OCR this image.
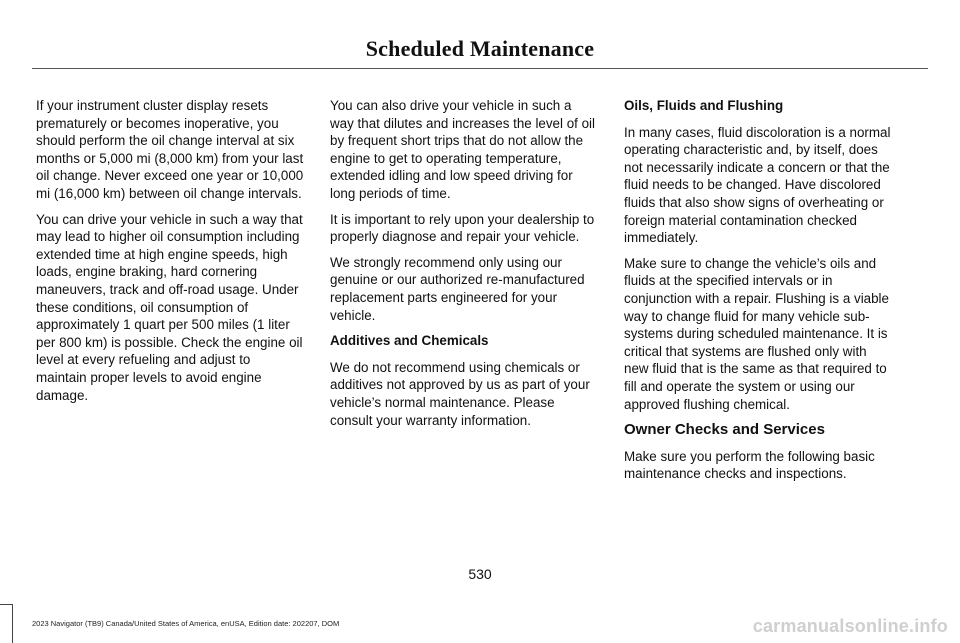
Scheduled Maintenance

If your instrument cluster display resets prematurely or becomes inoperative, you should perform the oil change interval at six months or 5,000 mi (8,000 km) from your last oil change. Never exceed one year or 10,000 mi (16,000 km) between oil change intervals.

You can drive your vehicle in such a way that may lead to higher oil consumption including extended time at high engine speeds, high loads, engine braking, hard cornering maneuvers, track and off-road usage. Under these conditions, oil consumption of approximately 1 quart per 500 miles (1 liter per 800 km) is possible. Check the engine oil level at every refueling and adjust to maintain proper levels to avoid engine damage.

You can also drive your vehicle in such a way that dilutes and increases the level of oil by frequent short trips that do not allow the engine to get to operating temperature, extended idling and low speed driving for long periods of time.

It is important to rely upon your dealership to properly diagnose and repair your vehicle.

We strongly recommend only using our genuine or our authorized re-manufactured replacement parts engineered for your vehicle.

Additives and Chemicals

We do not recommend using chemicals or additives not approved by us as part of your vehicle’s normal maintenance. Please consult your warranty information.

Oils, Fluids and Flushing

In many cases, fluid discoloration is a normal operating characteristic and, by itself, does not necessarily indicate a concern or that the fluid needs to be changed. Have discolored fluids that also show signs of overheating or foreign material contamination checked immediately.

Make sure to change the vehicle’s oils and fluids at the specified intervals or in conjunction with a repair. Flushing is a viable way to change fluid for many vehicle sub-systems during scheduled maintenance. It is critical that systems are flushed only with new fluid that is the same as that required to fill and operate the system or using our approved flushing chemical.

Owner Checks and Services

Make sure you perform the following basic maintenance checks and inspections.

530
2023 Navigator (TB9) Canada/United States of America, enUSA, Edition date: 202207, DOM	carmanualsonline.info
